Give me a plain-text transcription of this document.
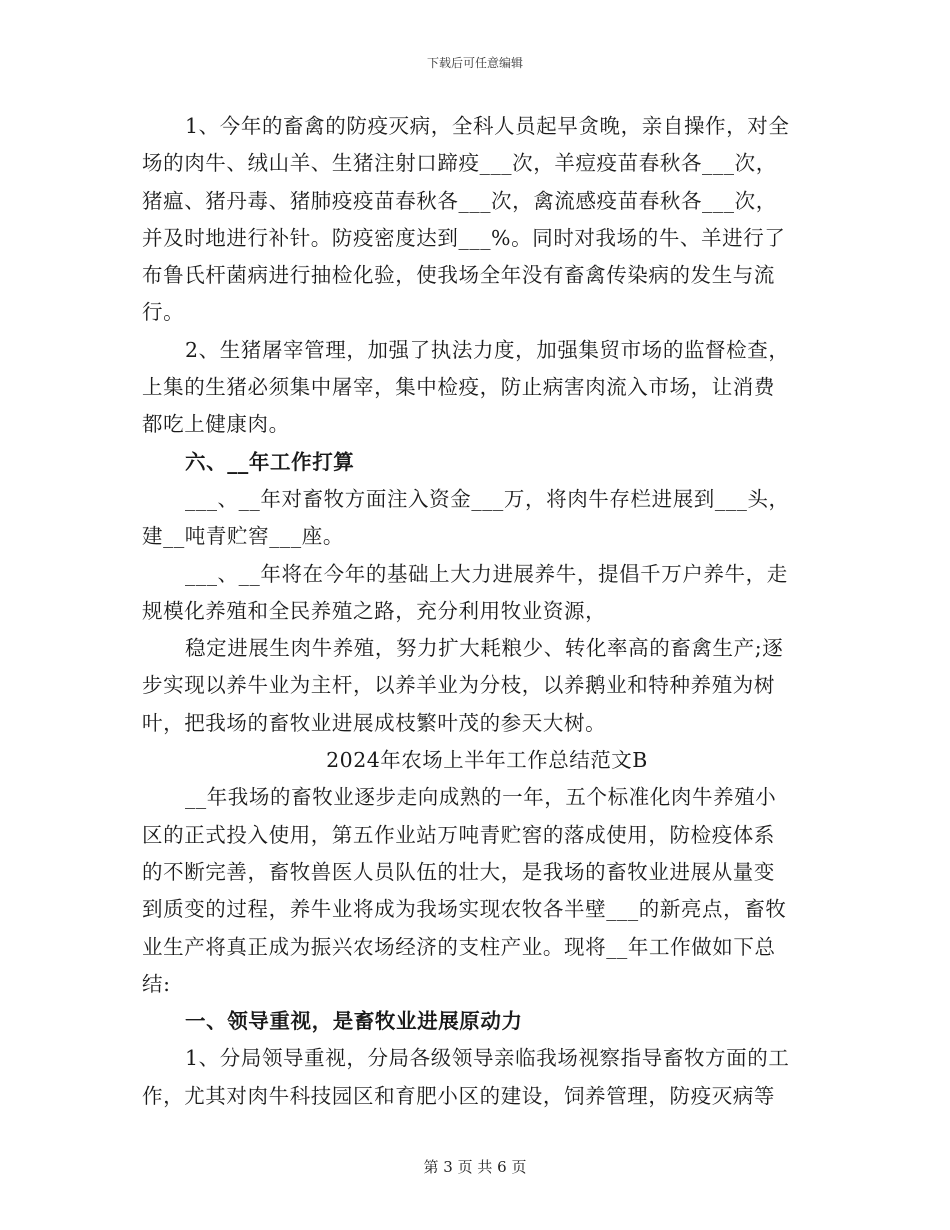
下载后可任意编辑
1、今年的畜禽的防疫灭病，全科人员起早贪晚，亲自操作，对全
场的肉牛、绒山羊、生猪注射口蹄疫___次，羊痘疫苗春秋各___次，
猪瘟、猪丹毒、猪肺疫疫苗春秋各___次，禽流感疫苗春秋各___次，
并及时地进行补针。防疫密度达到___%。同时对我场的牛、羊进行了
布鲁氏杆菌病进行抽检化验，使我场全年没有畜禽传染病的发生与流
行。
2、生猪屠宰管理，加强了执法力度，加强集贸市场的监督检查，
上集的生猪必须集中屠宰，集中检疫，防止病害肉流入市场，让消费
都吃上健康肉。
六、__年工作打算
___、__年对畜牧方面注入资金___万，将肉牛存栏进展到___头，
建__吨青贮窖___座。
___、__年将在今年的基础上大力进展养牛，提倡千万户养牛，走
规模化养殖和全民养殖之路，充分利用牧业资源，
稳定进展生肉牛养殖，努力扩大耗粮少、转化率高的畜禽生产;逐
步实现以养牛业为主杆，以养羊业为分枝，以养鹅业和特种养殖为树
叶，把我场的畜牧业进展成枝繁叶茂的参天大树。
2024年农场上半年工作总结范文B
__年我场的畜牧业逐步走向成熟的一年，五个标准化肉牛养殖小
区的正式投入使用，第五作业站万吨青贮窖的落成使用，防检疫体系
的不断完善，畜牧兽医人员队伍的壮大，是我场的畜牧业进展从量变
到质变的过程，养牛业将成为我场实现农牧各半壁___的新亮点，畜牧
业生产将真正成为振兴农场经济的支柱产业。现将__年工作做如下总
结:
一、领导重视，是畜牧业进展原动力
1、分局领导重视，分局各级领导亲临我场视察指导畜牧方面的工
作，尤其对肉牛科技园区和育肥小区的建设，饲养管理，防疫灭病等
第 3 页 共 6 页
